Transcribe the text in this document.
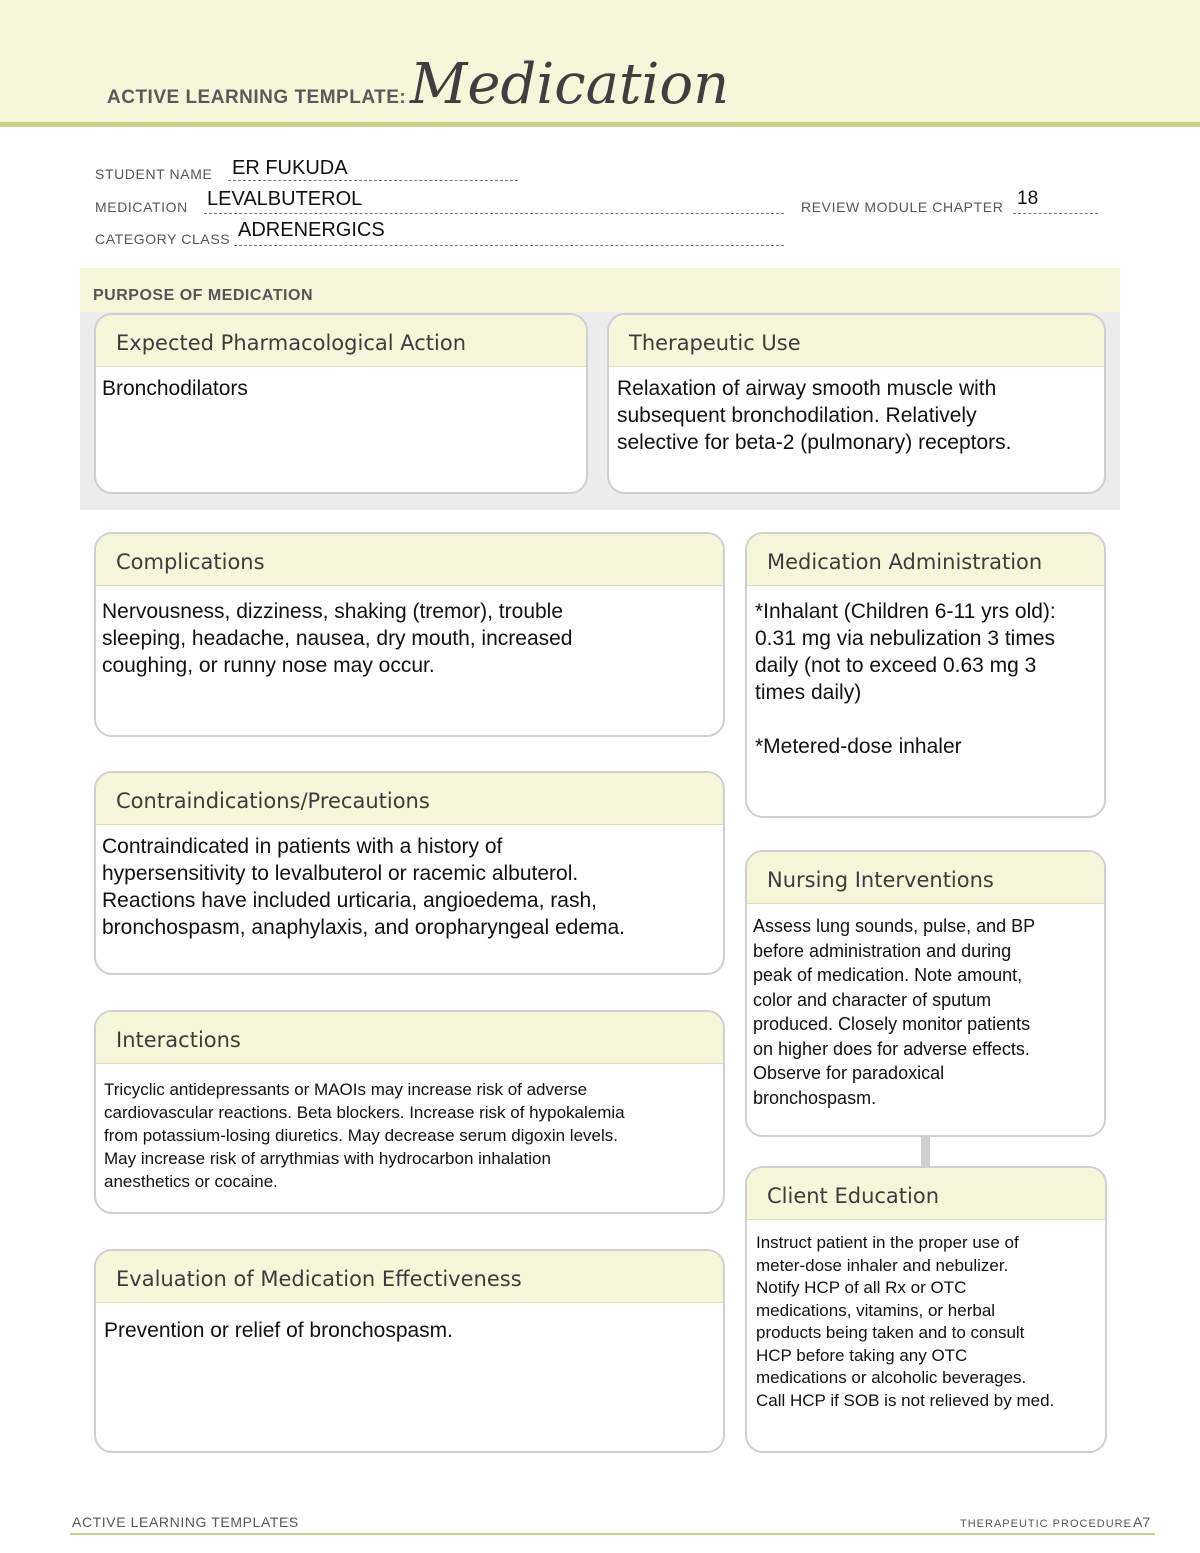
ACTIVE LEARNING TEMPLATE: Medication
STUDENT NAME ER FUKUDA
MEDICATION LEVALBUTEROL	REVIEW MODULE CHAPTER 18
CATEGORY CLASS ADRENERGICS
PURPOSE OF MEDICATION
Expected Pharmacological Action
Bronchodilators
Therapeutic Use
Relaxation of airway smooth muscle with
subsequent bronchodilation. Relatively
selective for beta-2 (pulmonary) receptors.
Complications
Nervousness, dizziness, shaking (tremor), trouble
sleeping, headache, nausea, dry mouth, increased
coughing, or runny nose may occur.
Contraindications/Precautions
Contraindicated in patients with a history of
hypersensitivity to levalbuterol or racemic albuterol.
Reactions have included urticaria, angioedema, rash,
bronchospasm, anaphylaxis, and oropharyngeal edema.
Interactions
Tricyclic antidepressants or MAOIs may increase risk of adverse
cardiovascular reactions. Beta blockers. Increase risk of hypokalemia
from potassium-losing diuretics. May decrease serum digoxin levels.
May increase risk of arrythmias with hydrocarbon inhalation
anesthetics or cocaine.
Evaluation of Medication Effectiveness
Prevention or relief of bronchospasm.
Medication Administration
*Inhalant (Children 6-11 yrs old):
0.31 mg via nebulization 3 times
daily (not to exceed 0.63 mg 3
times daily)

*Metered-dose inhaler
Nursing Interventions
Assess lung sounds, pulse, and BP
before administration and during
peak of medication. Note amount,
color and character of sputum
produced. Closely monitor patients
on higher does for adverse effects.
Observe for paradoxical
bronchospasm.
Client Education
Instruct patient in the proper use of
meter-dose inhaler and nebulizer.
Notify HCP of all Rx or OTC
medications, vitamins, or herbal
products being taken and to consult
HCP before taking any OTC
medications or alcoholic beverages.
Call HCP if SOB is not relieved by med.
ACTIVE LEARNING TEMPLATES	THERAPEUTIC PROCEDURE A7
